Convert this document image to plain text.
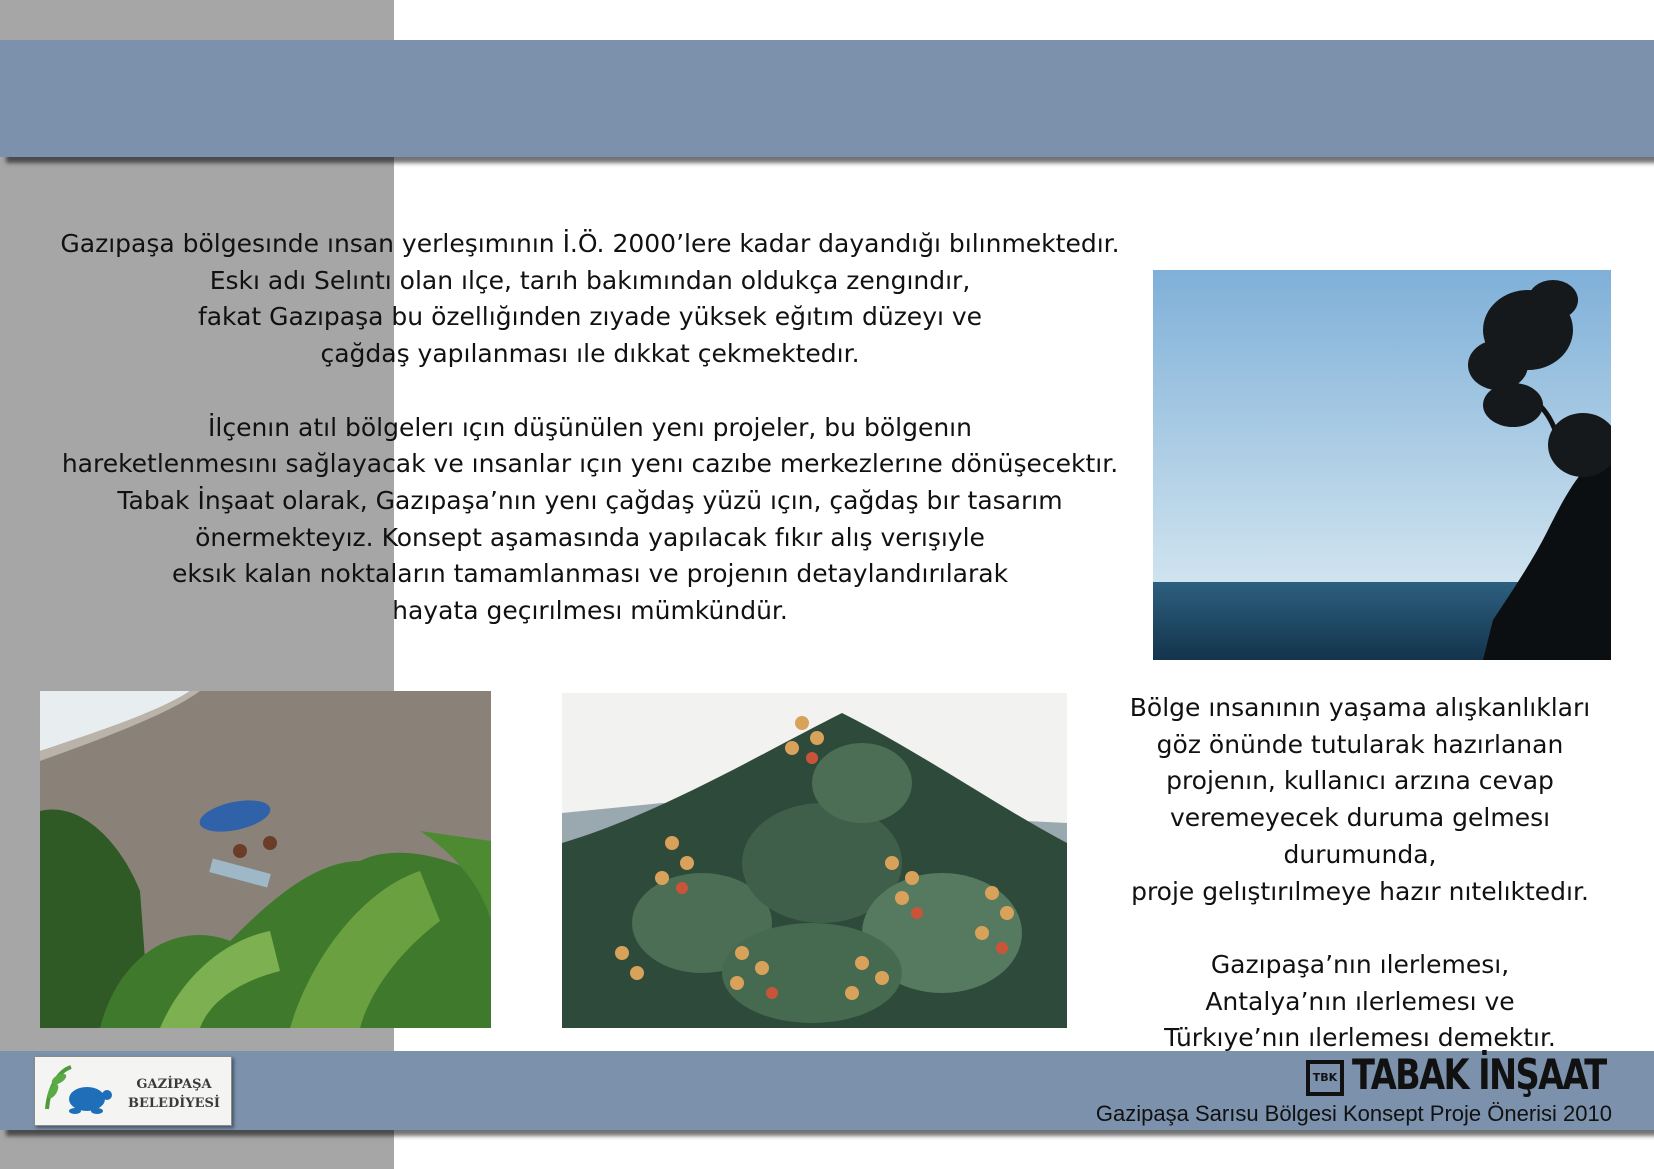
Gazıpaşa bölgesınde ınsan yerleşımının İ.Ö. 2000’lere kadar dayandığı bılınmektedır.

Eskı adı Selıntı olan ılçe, tarıh bakımından oldukça zengındır,

fakat Gazıpaşa bu özellığınden zıyade yüksek eğıtım düzeyı ve

çağdaş yapılanması ıle dıkkat çekmektedır.

İlçenın atıl bölgelerı ıçın düşünülen yenı projeler, bu bölgenın

hareketlenmesını sağlayacak ve ınsanlar ıçın yenı cazıbe merkezlerıne dönüşecektır.

Tabak İnşaat olarak, Gazıpaşa’nın yenı çağdaş yüzü ıçın, çağdaş bır tasarım

önermekteyız. Konsept aşamasında yapılacak fıkır alış verışıyle

eksık kalan noktaların tamamlanması ve projenın detaylandırılarak

hayata geçırılmesı mümkündür.

Bölge ınsanının yaşama alışkanlıkları

göz önünde tutularak hazırlanan

projenın, kullanıcı arzına cevap

veremeyecek duruma gelmesı durumunda,

proje gelıştırılmeye hazır nıtelıktedır.

Gazıpaşa’nın ılerlemesı,

Antalya’nın ılerlemesı ve

Türkıye’nın ılerlemesı demektır.

GAZİPAŞA
BELEDİYESİ
TBK TABAK İNŞAAT
Gazipaşa Sarısu Bölgesi Konsept Proje Önerisi 2010
